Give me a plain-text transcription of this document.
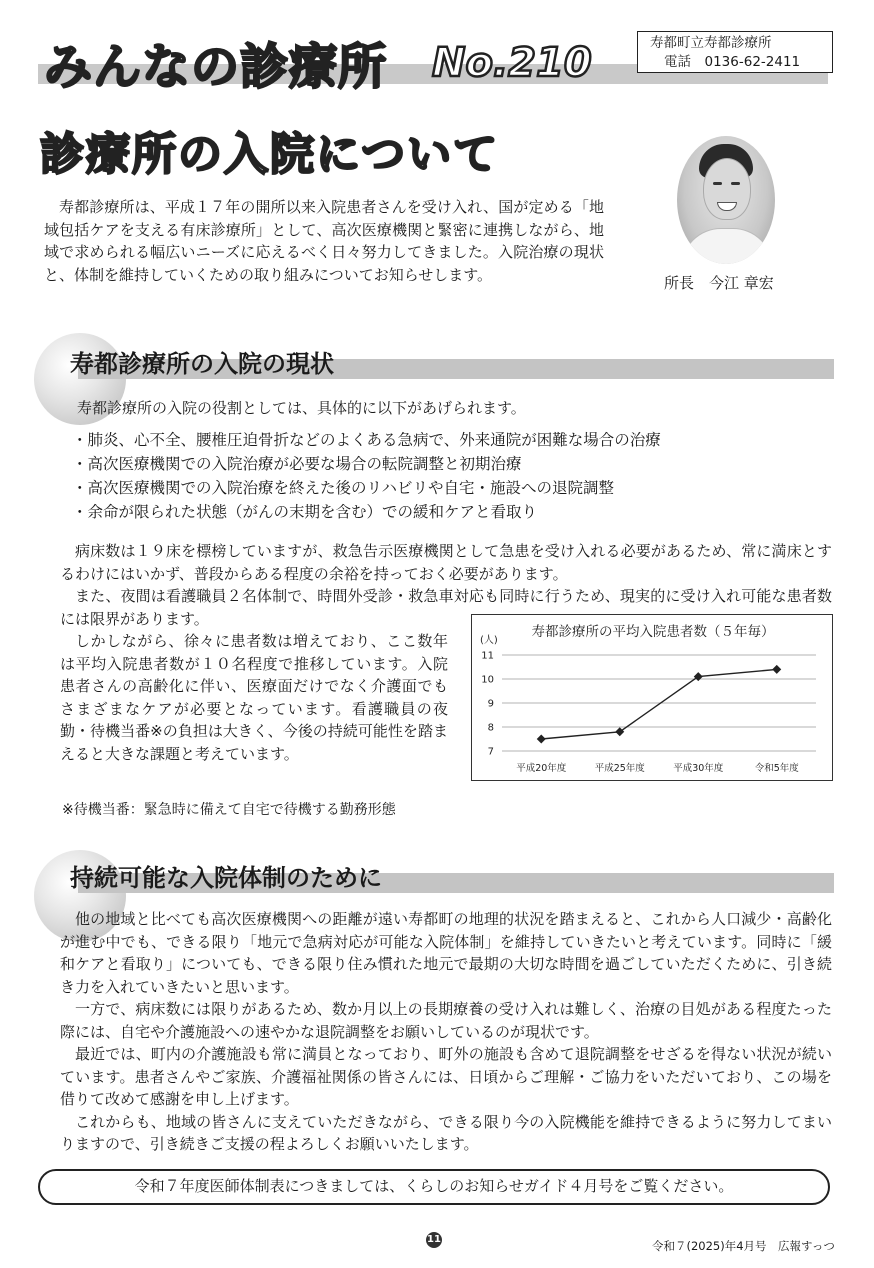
みんなの診療所 No.210	寿都町立寿都診療所
電話　0136-62-2411
診療所の入院について

寿都診療所は、平成１７年の開所以来入院患者さんを受け入れ、国が定める「地域包括ケアを支える有床診療所」として、高次医療機関と緊密に連携しながら、地域で求められる幅広いニーズに応えるべく日々努力してきました。入院治療の現状と、体制を維持していくための取り組みについてお知らせします。	所長　今江 章宏
寿都診療所の入院の現状

寿都診療所の入院の役割としては、具体的に以下があげられます。

・肺炎、心不全、腰椎圧迫骨折などのよくある急病で、外来通院が困難な場合の治療
・高次医療機関での入院治療が必要な場合の転院調整と初期治療
・高次医療機関での入院治療を終えた後のリハビリや自宅・施設への退院調整
・余命が限られた状態（がんの末期を含む）での緩和ケアと看取り

病床数は１９床を標榜していますが、救急告示医療機関として急患を受け入れる必要があるため、常に満床とするわけにはいかず、普段からある程度の余裕を持っておく必要があります。

また、夜間は看護職員２名体制で、時間外受診・救急車対応も同時に行うため、現実的に受け入れ可能な患者数には限界があります。

しかしながら、徐々に患者数は増えており、ここ数年は平均入院患者数が１０名程度で推移しています。入院患者さんの高齢化に伴い、医療面だけでなく介護面でもさまざまなケアが必要となっています。看護職員の夜勤・待機当番※の負担は大きく、今後の持続可能性を踏まえると大きな課題と考えています。

寿都診療所の平均入院患者数（５年毎）
(人)
7
8
9
10
11
平成20年度	平成25年度	平成30年度	令和5年度
※待機当番：緊急時に備えて自宅で待機する勤務形態
持続可能な入院体制のために

他の地域と比べても高次医療機関への距離が遠い寿都町の地理的状況を踏まえると、これから人口減少・高齢化が進む中でも、できる限り「地元で急病対応が可能な入院体制」を維持していきたいと考えています。同時に「緩和ケアと看取り」についても、できる限り住み慣れた地元で最期の大切な時間を過ごしていただくために、引き続き力を入れていきたいと思います。

一方で、病床数には限りがあるため、数か月以上の長期療養の受け入れは難しく、治療の目処がある程度たった際には、自宅や介護施設への速やかな退院調整をお願いしているのが現状です。

最近では、町内の介護施設も常に満員となっており、町外の施設も含めて退院調整をせざるを得ない状況が続いています。患者さんやご家族、介護福祉関係の皆さんには、日頃からご理解・ご協力をいただいており、この場を借りて改めて感謝を申し上げます。

これからも、地域の皆さんに支えていただきながら、できる限り今の入院機能を維持できるように努力してまいりますので、引き続きご支援の程よろしくお願いいたします。

令和７年度医師体制表につきましては、くらしのお知らせガイド４月号をご覧ください。
11	令和７(2025)年4月号　広報すっつ
